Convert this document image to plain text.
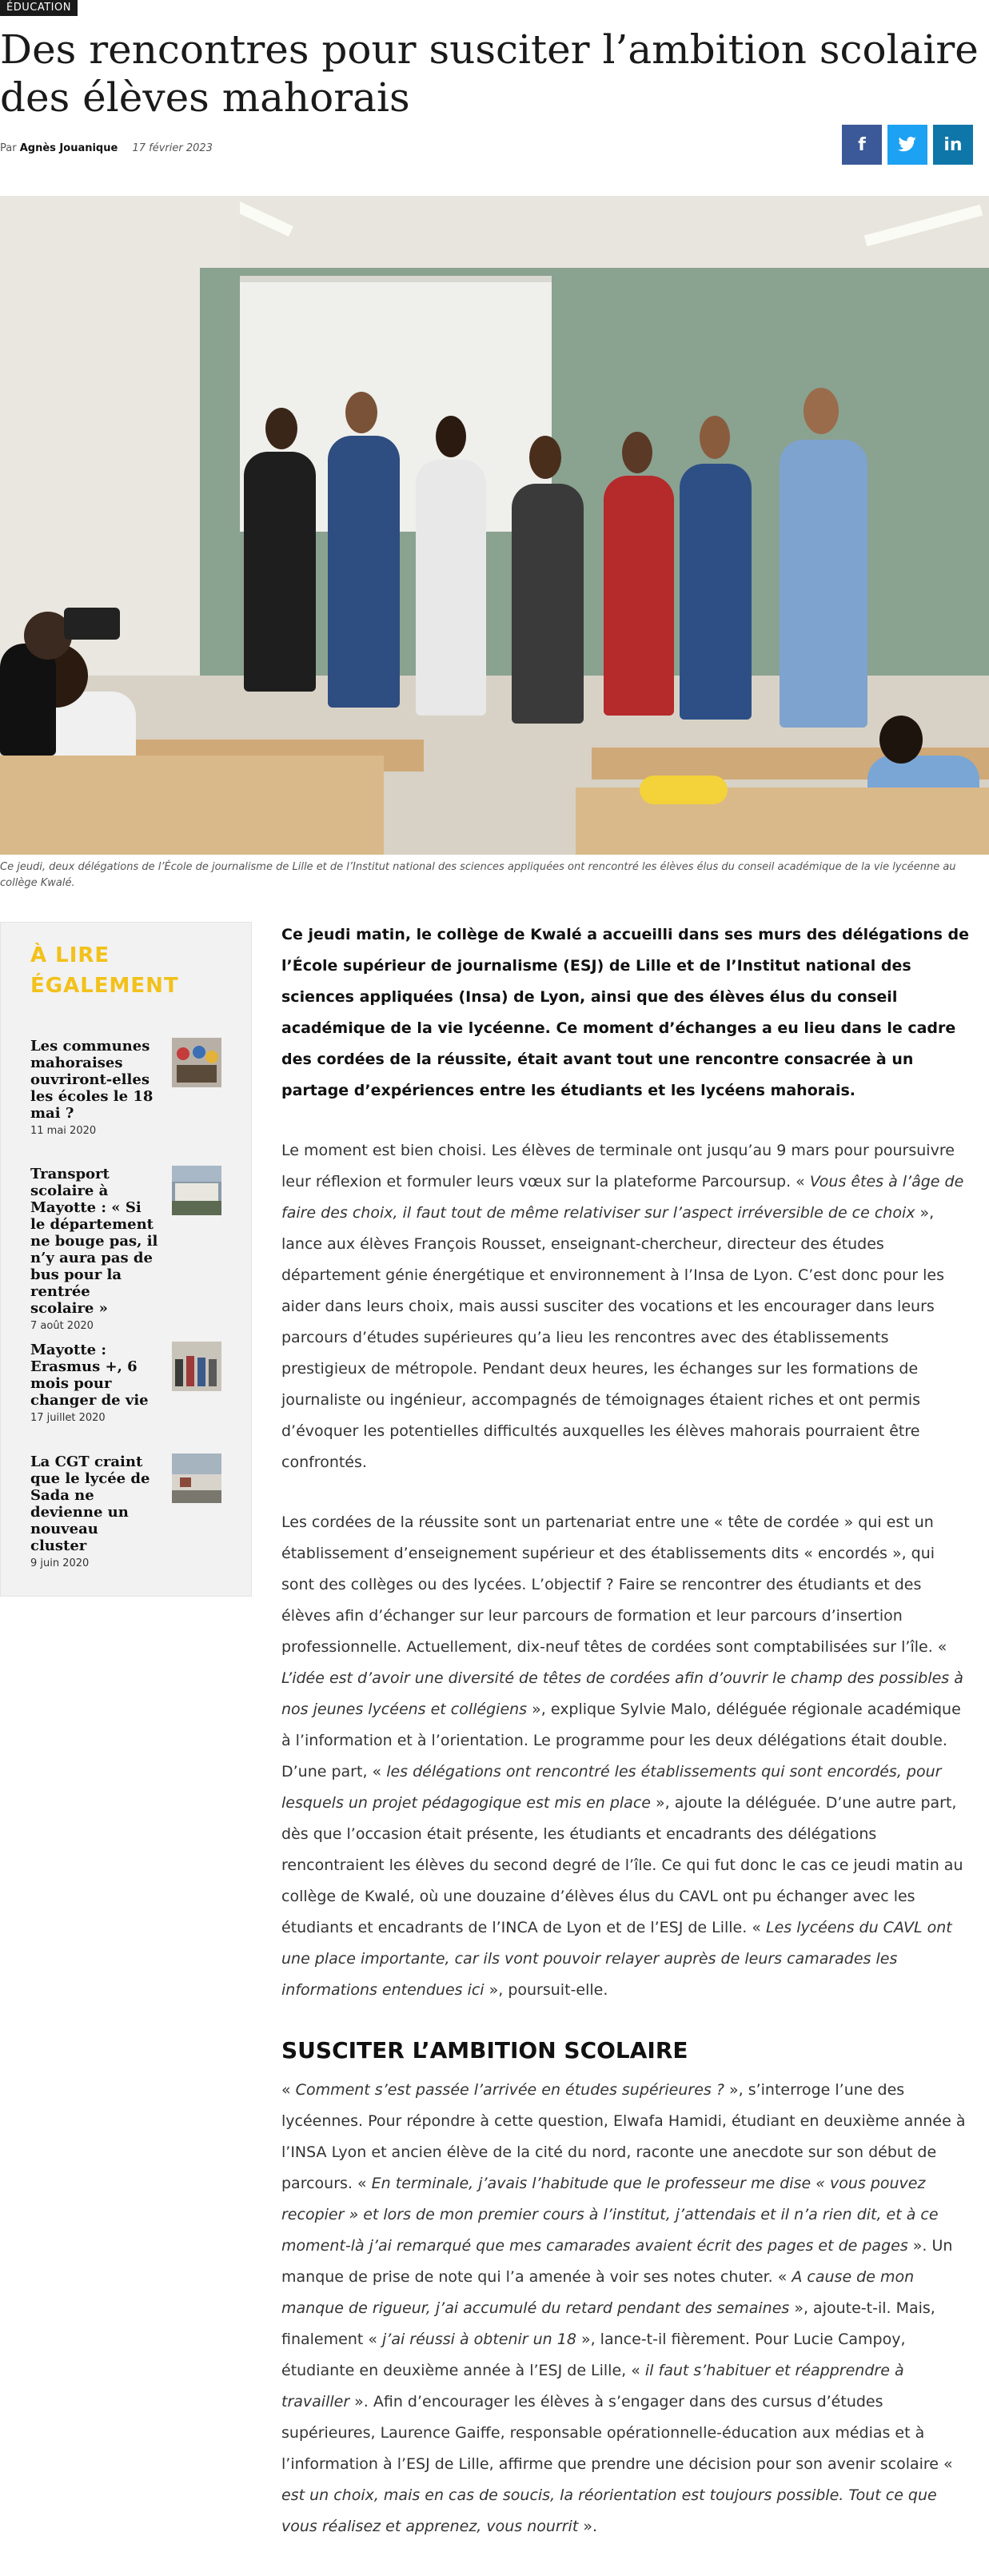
ÉDUCATION
Des rencontres pour susciter l’ambition scolaire des élèves mahorais
Par Agnès Jouanique 17 février 2023	f	in

Ce jeudi, deux délégations de l’École de journalisme de Lille et de l’Institut national des sciences appliquées ont rencontré les élèves élus du conseil académique de la vie lycéenne au collège Kwalé.

À LIRE ÉGALEMENT
Les communes mahoraises ouvriront-elles les écoles le 18 mai ?
11 mai 2020
Transport scolaire à Mayotte : « Si le département ne bouge pas, il n’y aura pas de bus pour la rentrée scolaire »
7 août 2020
Mayotte : Erasmus +, 6 mois pour changer de vie
17 juillet 2020
La CGT craint que le lycée de Sada ne devienne un nouveau cluster
9 juin 2020

Ce jeudi matin, le collège de Kwalé a accueilli dans ses murs des délégations de l’École supérieur de journalisme (ESJ) de Lille et de l’Institut national des sciences appliquées (Insa) de Lyon, ainsi que des élèves élus du conseil académique de la vie lycéenne. Ce moment d’échanges a eu lieu dans le cadre des cordées de la réussite, était avant tout une rencontre consacrée à un partage d’expériences entre les étudiants et les lycéens mahorais.

Le moment est bien choisi. Les élèves de terminale ont jusqu’au 9 mars pour poursuivre leur réflexion et formuler leurs vœux sur la plateforme Parcoursup. « Vous êtes à l’âge de faire des choix, il faut tout de même relativiser sur l’aspect irréversible de ce choix », lance aux élèves François Rousset, enseignant-chercheur, directeur des études département génie énergétique et environnement à l’Insa de Lyon. C’est donc pour les aider dans leurs choix, mais aussi susciter des vocations et les encourager dans leurs parcours d’études supérieures qu’a lieu les rencontres avec des établissements prestigieux de métropole. Pendant deux heures, les échanges sur les formations de journaliste ou ingénieur, accompagnés de témoignages étaient riches et ont permis d’évoquer les potentielles difficultés auxquelles les élèves mahorais pourraient être confrontés.

Les cordées de la réussite sont un partenariat entre une « tête de cordée » qui est un établissement d’enseignement supérieur et des établissements dits « encordés », qui sont des collèges ou des lycées. L’objectif ? Faire se rencontrer des étudiants et des élèves afin d’échanger sur leur parcours de formation et leur parcours d’insertion professionnelle. Actuellement, dix-neuf têtes de cordées sont comptabilisées sur l’île. « L’idée est d’avoir une diversité de têtes de cordées afin d’ouvrir le champ des possibles à nos jeunes lycéens et collégiens », explique Sylvie Malo, déléguée régionale académique à l’information et à l’orientation. Le programme pour les deux délégations était double. D’une part, « les délégations ont rencontré les établissements qui sont encordés, pour lesquels un projet pédagogique est mis en place », ajoute la déléguée. D’une autre part, dès que l’occasion était présente, les étudiants et encadrants des délégations rencontraient les élèves du second degré de l’île. Ce qui fut donc le cas ce jeudi matin au collège de Kwalé, où une douzaine d’élèves élus du CAVL ont pu échanger avec les étudiants et encadrants de l’INCA de Lyon et de l’ESJ de Lille. « Les lycéens du CAVL ont une place importante, car ils vont pouvoir relayer auprès de leurs camarades les informations entendues ici », poursuit-elle.

SUSCITER L’AMBITION SCOLAIRE

« Comment s’est passée l’arrivée en études supérieures ? », s’interroge l’une des lycéennes. Pour répondre à cette question, Elwafa Hamidi, étudiant en deuxième année à l’INSA Lyon et ancien élève de la cité du nord, raconte une anecdote sur son début de parcours. « En terminale, j’avais l’habitude que le professeur me dise « vous pouvez recopier » et lors de mon premier cours à l’institut, j’attendais et il n’a rien dit, et à ce moment-là j’ai remarqué que mes camarades avaient écrit des pages et de pages ». Un manque de prise de note qui l’a amenée à voir ses notes chuter. « A cause de mon manque de rigueur, j’ai accumulé du retard pendant des semaines », ajoute-t-il. Mais, finalement « j’ai réussi à obtenir un 18 », lance-t-il fièrement. Pour Lucie Campoy, étudiante en deuxième année à l’ESJ de Lille, « il faut s’habituer et réapprendre à travailler ». Afin d’encourager les élèves à s’engager dans des cursus d’études supérieures, Laurence Gaiffe, responsable opérationnelle-éducation aux médias et à l’information à l’ESJ de Lille, affirme que prendre une décision pour son avenir scolaire « est un choix, mais en cas de soucis, la réorientation est toujours possible. Tout ce que vous réalisez et apprenez, vous nourrit ».
